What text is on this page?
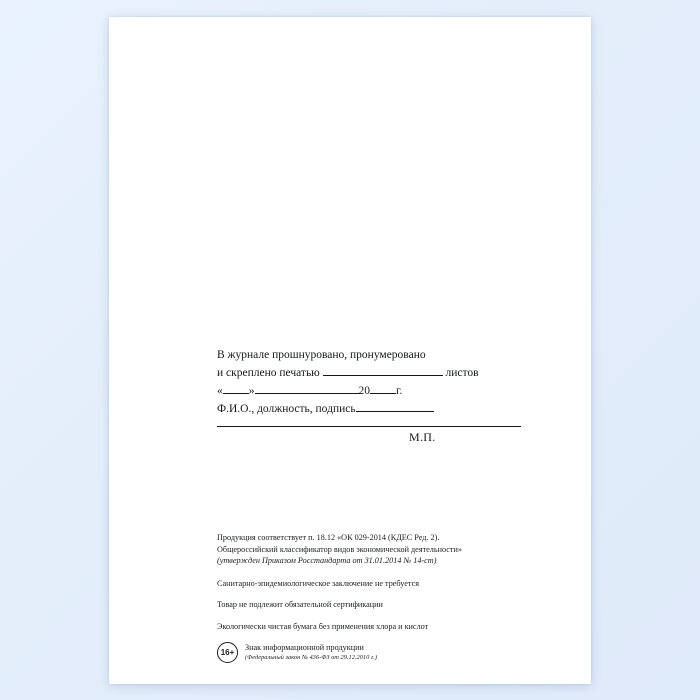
В журнале прошнуровано, пронумеровано
и скреплено печатью	листов
« »	20 г.
Ф.И.О., должность, подпись
М.П.
Продукция соответствует п. 18.12 «ОК 029-2014 (КДЕС Ред. 2).
Общероссийский классификатор видов экономической деятельности»
(утвержден Приказом Росстандарта от 31.01.2014 № 14-ст)
Санитарно-эпидемиологическое заключение не требуется
Товар не подлежит обязательной сертификации
Экологически чистая бумага без применения хлора и кислот
16+
Знак информационной продукции
(Федеральный закон № 436-ФЗ от 29.12.2010 г.)
